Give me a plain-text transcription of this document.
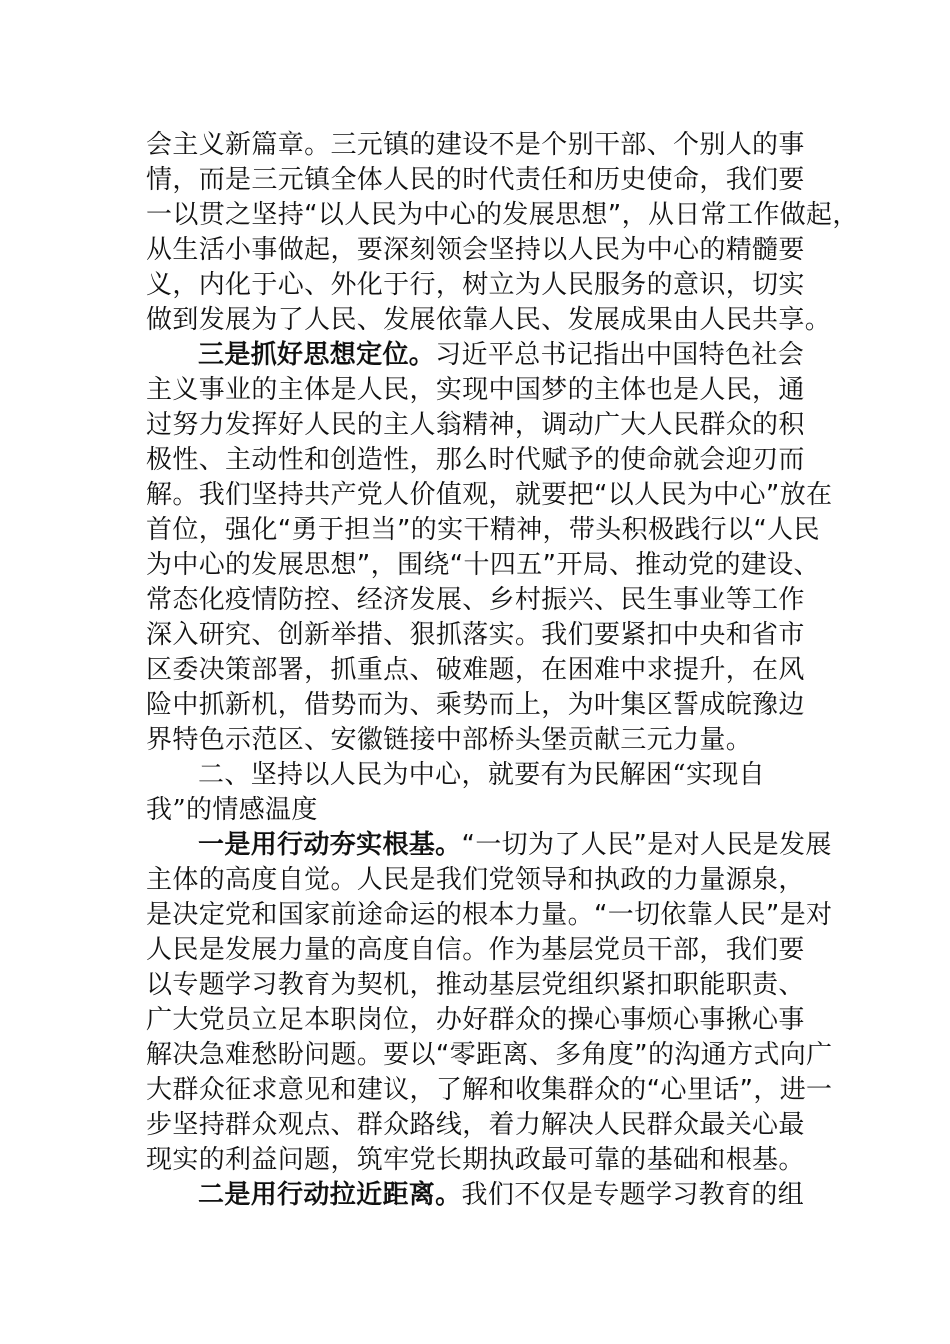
会主义新篇章。三元镇的建设不是个别干部、个别人的事
情，而是三元镇全体人民的时代责任和历史使命，我们要
一以贯之坚持“以人民为中心的发展思想”，从日常工作做起，
从生活小事做起，要深刻领会坚持以人民为中心的精髓要
义，内化于心、外化于行，树立为人民服务的意识，切实
做到发展为了人民、发展依靠人民、发展成果由人民共享。
三是抓好思想定位。习近平总书记指出中国特色社会
主义事业的主体是人民，实现中国梦的主体也是人民，通
过努力发挥好人民的主人翁精神，调动广大人民群众的积
极性、主动性和创造性，那么时代赋予的使命就会迎刃而
解。我们坚持共产党人价值观，就要把“以人民为中心”放在
首位，强化“勇于担当”的实干精神，带头积极践行以“人民
为中心的发展思想”，围绕“十四五”开局、推动党的建设、
常态化疫情防控、经济发展、乡村振兴、民生事业等工作
深入研究、创新举措、狠抓落实。我们要紧扣中央和省市
区委决策部署，抓重点、破难题，在困难中求提升，在风
险中抓新机，借势而为、乘势而上，为叶集区誓成皖豫边
界特色示范区、安徽链接中部桥头堡贡献三元力量。
二、坚持以人民为中心，就要有为民解困“实现自
我”的情感温度
一是用行动夯实根基。“一切为了人民”是对人民是发展
主体的高度自觉。人民是我们党领导和执政的力量源泉，
是决定党和国家前途命运的根本力量。“一切依靠人民”是对
人民是发展力量的高度自信。作为基层党员干部，我们要
以专题学习教育为契机，推动基层党组织紧扣职能职责、
广大党员立足本职岗位，办好群众的操心事烦心事揪心事
解决急难愁盼问题。要以“零距离、多角度”的沟通方式向广
大群众征求意见和建议，了解和收集群众的“心里话”，进一
步坚持群众观点、群众路线，着力解决人民群众最关心最
现实的利益问题，筑牢党长期执政最可靠的基础和根基。
二是用行动拉近距离。我们不仅是专题学习教育的组
